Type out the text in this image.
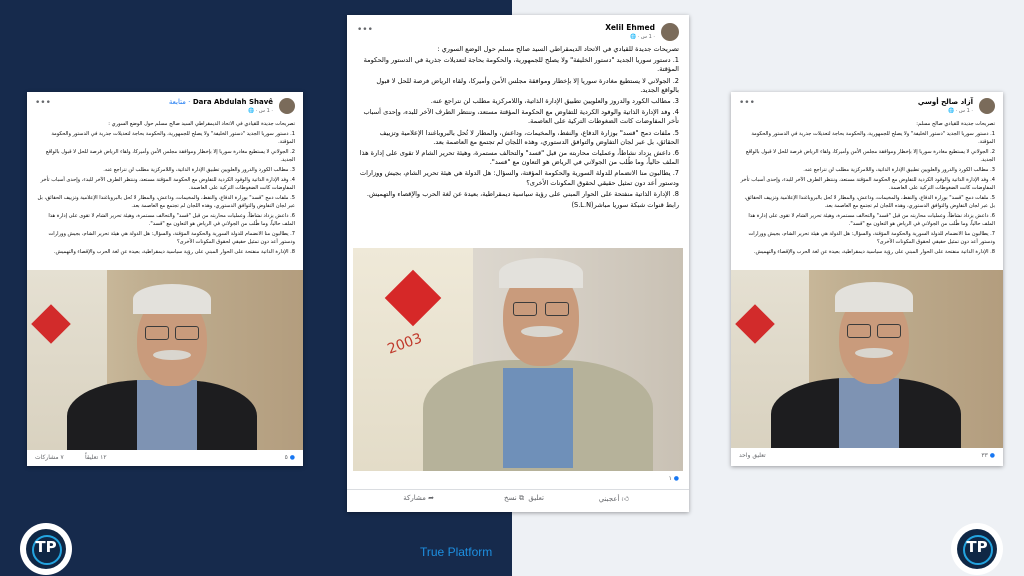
Dara Abdulah Shavê · متابعة
· 1 س · 🌐
•••

تصريحات جديدة للقيادي في الاتحاد الديمقراطي السيد صالح مسلم حول الوضع السوري :

1. دستور سوريا الجديد "دستور الخليفة" ولا يصلح للجمهورية، والحكومة بحاجة لتعديلات جذرية في الدستور والحكومة المؤقتة.

2. الجولاني لا يستطيع مغادرة سوريا إلا بإخطار وموافقة مجلس الأمن وأميركا، ولقاء الرياض فرصة للحل لا قبول بالواقع الجديد.

3. مطالب الكورد والدروز والعلويين تطبيق الإدارة الذاتية، واللامركزية مطلب لن نتراجع عنه.

4. وفد الإدارة الذاتية والوفود الكردية للتفاوض مع الحكومة المؤقتة مستعد، وننتظر الطرف الآخر للبدء، وإحدى أسباب تأخر المفاوضات كانت الضغوطات التركية على العاصمة.

5. ملفات دمج "قسد" بوزارة الدفاع، والنفط، والمخيمات، وداعش، والمطار لا تُحل بالبروباغندا الإعلامية وتزييف الحقائق، بل عبر لجان التفاوض والتوافق الدستوري، وهذه اللجان لم تجتمع مع العاصمة بعد.

6. داعش يزداد نشاطاً، وعمليات محاربته من قبل "قسد" والتحالف مستمرة، وهيئة تحرير الشام لا تقوى على إدارة هذا الملف حالياً، وما طُلب من الجولاني في الرياض هو التعاون مع "قسد".

7. يطالبون منا الانضمام للدولة السورية والحكومة المؤقتة، والسؤال: هل الدولة هي هيئة تحرير الشام، بجيش ووزارات ودستور أعد دون تمثيل حقيقي لحقوق المكونات الأخرى؟

8. الإدارة الذاتية منفتحة على الحوار المبني على رؤية سياسية ديمقراطية، بعيدة عن لغة الحرب والإقصاء والتهميش.

● ٥
٧ مشاركات	١٢ تعليقاً
Xelil Ehmed
· 1 س · 🌐
•••

تصريحات جديدة للقيادي في الاتحاد الديمقراطي السيد صالح مسلم حول الوضع السوري :

1. دستور سوريا الجديد "دستور الخليفة" ولا يصلح للجمهورية، والحكومة بحاجة لتعديلات جذرية في الدستور والحكومة المؤقتة.

2. الجولاني لا يستطيع مغادرة سوريا إلا بإخطار وموافقة مجلس الأمن وأميركا، ولقاء الرياض فرصة للحل لا قبول بالواقع الجديد.

3. مطالب الكورد والدروز والعلويين تطبيق الإدارة الذاتية، واللامركزية مطلب لن نتراجع عنه.

4. وفد الإدارة الذاتية والوفود الكردية للتفاوض مع الحكومة المؤقتة مستعد، وننتظر الطرف الآخر للبدء، وإحدى أسباب تأخر المفاوضات كانت الضغوطات التركية على العاصمة.

5. ملفات دمج "قسد" بوزارة الدفاع، والنفط، والمخيمات، وداعش، والمطار لا تُحل بالبروباغندا الإعلامية وتزييف الحقائق، بل عبر لجان التفاوض والتوافق الدستوري، وهذه اللجان لم تجتمع مع العاصمة بعد.

6. داعش يزداد نشاطاً، وعمليات محاربته من قبل "قسد" والتحالف مستمرة، وهيئة تحرير الشام لا تقوى على إدارة هذا الملف حالياً، وما طُلب من الجولاني في الرياض هو التعاون مع "قسد".

7. يطالبون منا الانضمام للدولة السورية والحكومة المؤقتة، والسؤال: هل الدولة هي هيئة تحرير الشام، بجيش ووزارات ودستور أعد دون تمثيل حقيقي لحقوق المكونات الأخرى؟

8. الإدارة الذاتية منفتحة على الحوار المبني على رؤية سياسية ديمقراطية، بعيدة عن لغة الحرب والإقصاء والتهميش.

رابط قنوات شبكة سوريا مباشر(S.L.N)

2003
● ١
👍︎ أعجبني
تعليق
⧉ نسخ
➦ مشاركة
آزاد صالح أوسي
· 1 س · 🌐
•••

تصريحات جديدة للقيادي صالح مسلم:

1. دستور سوريا الجديد "دستور الخليفة" ولا يصلح للجمهورية، والحكومة بحاجة لتعديلات جذرية في الدستور والحكومة المؤقتة.

2. الجولاني لا يستطيع مغادرة سوريا إلا بإخطار وموافقة مجلس الأمن وأميركا، ولقاء الرياض فرصة للحل لا قبول بالواقع الجديد.

3. مطالب الكورد والدروز والعلويين تطبيق الإدارة الذاتية، واللامركزية مطلب لن نتراجع عنه.

4. وفد الإدارة الذاتية والوفود الكردية للتفاوض مع الحكومة المؤقتة مستعد، وننتظر الطرف الآخر للبدء، وإحدى أسباب تأخر المفاوضات كانت الضغوطات التركية على العاصمة.

5. ملفات دمج "قسد" بوزارة الدفاع، والنفط، والمخيمات، وداعش، والمطار لا تُحل بالبروباغندا الإعلامية وتزييف الحقائق، بل عبر لجان التفاوض والتوافق الدستوري، وهذه اللجان لم تجتمع مع العاصمة بعد.

6. داعش يزداد نشاطاً، وعمليات محاربته من قبل "قسد" والتحالف مستمرة، وهيئة تحرير الشام لا تقوى على إدارة هذا الملف حالياً، وما طُلب من الجولاني في الرياض هو التعاون مع "قسد".

7. يطالبون منا الانضمام للدولة السورية والحكومة المؤقتة، والسؤال: هل الدولة هي هيئة تحرير الشام، بجيش ووزارات ودستور أعد دون تمثيل حقيقي لحقوق المكونات الأخرى؟

8. الإدارة الذاتية منفتحة على الحوار المبني على رؤية سياسية ديمقراطية، بعيدة عن لغة الحرب والإقصاء والتهميش.

● ٣٣
تعليق واحد
TP	TP
True Platform
